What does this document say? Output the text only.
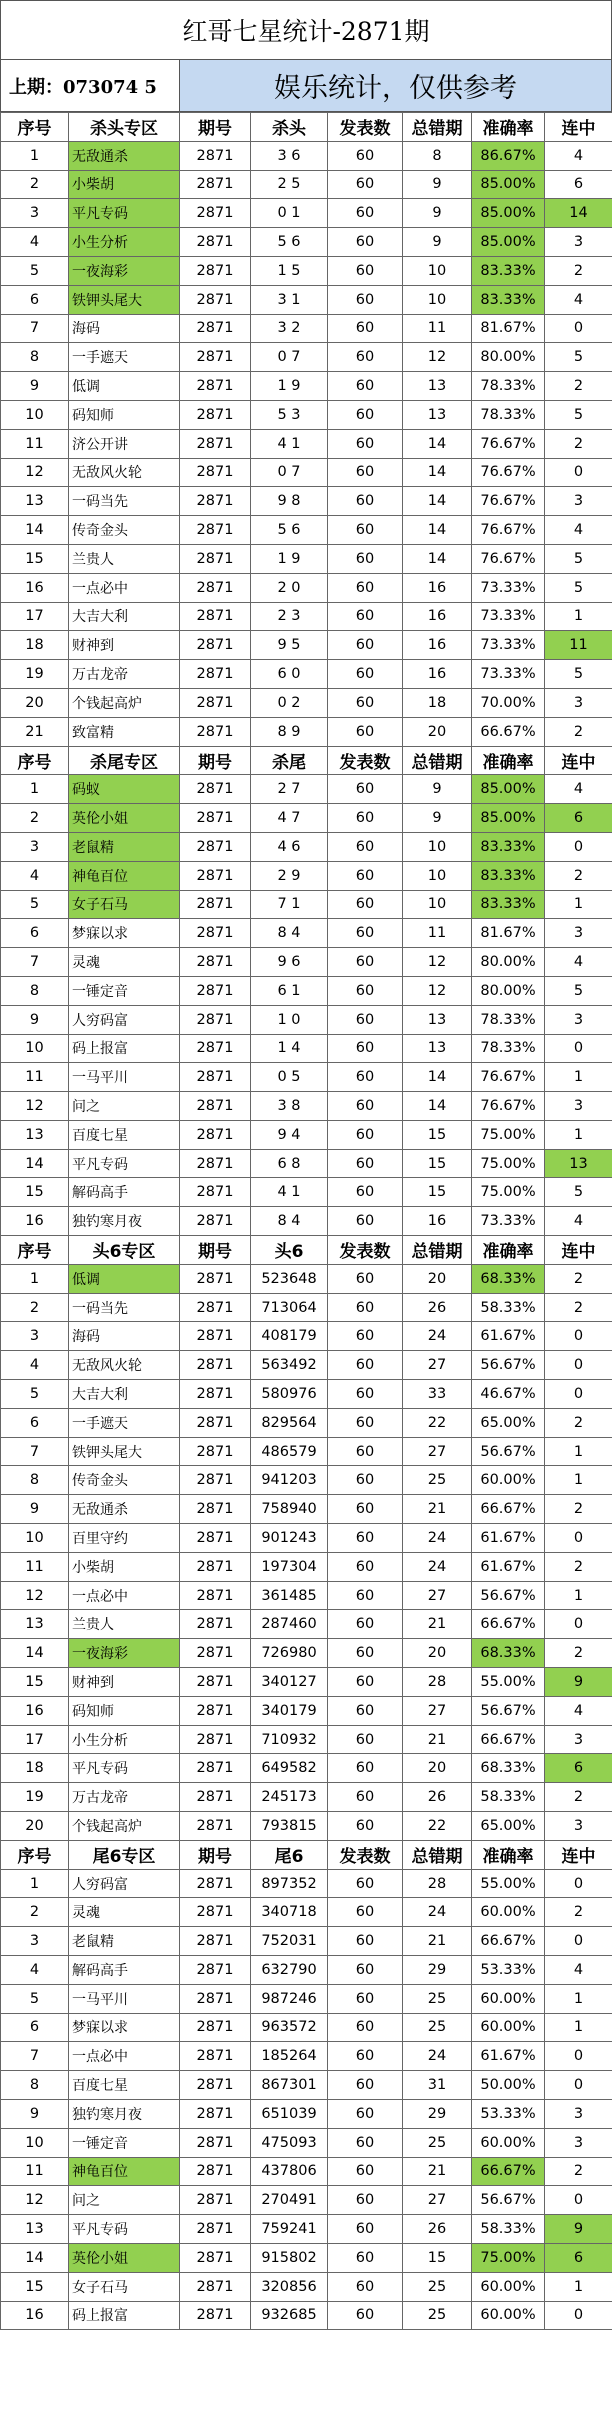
红哥七星统计-2871期
上期：073074 5	娱乐统计，仅供参考
序号	杀头专区	期号	杀头	发表数	总错期	准确率	连中
1	无敌通杀	2871	3 6	60	8	86.67%	4
2	小柴胡	2871	2 5	60	9	85.00%	6
3	平凡专码	2871	0 1	60	9	85.00%	14
4	小生分析	2871	5 6	60	9	85.00%	3
5	一夜海彩	2871	1 5	60	10	83.33%	2
6	铁钾头尾大	2871	3 1	60	10	83.33%	4
7	海码	2871	3 2	60	11	81.67%	0
8	一手遮天	2871	0 7	60	12	80.00%	5
9	低调	2871	1 9	60	13	78.33%	2
10	码知师	2871	5 3	60	13	78.33%	5
11	济公开讲	2871	4 1	60	14	76.67%	2
12	无敌风火轮	2871	0 7	60	14	76.67%	0
13	一码当先	2871	9 8	60	14	76.67%	3
14	传奇金头	2871	5 6	60	14	76.67%	4
15	兰贵人	2871	1 9	60	14	76.67%	5
16	一点必中	2871	2 0	60	16	73.33%	5
17	大吉大利	2871	2 3	60	16	73.33%	1
18	财神到	2871	9 5	60	16	73.33%	11
19	万古龙帝	2871	6 0	60	16	73.33%	5
20	个钱起高炉	2871	0 2	60	18	70.00%	3
21	致富精	2871	8 9	60	20	66.67%	2
序号	杀尾专区	期号	杀尾	发表数	总错期	准确率	连中
1	码蚁	2871	2 7	60	9	85.00%	4
2	英伦小姐	2871	4 7	60	9	85.00%	6
3	老鼠精	2871	4 6	60	10	83.33%	0
4	神龟百位	2871	2 9	60	10	83.33%	2
5	女子石马	2871	7 1	60	10	83.33%	1
6	梦寐以求	2871	8 4	60	11	81.67%	3
7	灵魂	2871	9 6	60	12	80.00%	4
8	一锤定音	2871	6 1	60	12	80.00%	5
9	人穷码富	2871	1 0	60	13	78.33%	3
10	码上报富	2871	1 4	60	13	78.33%	0
11	一马平川	2871	0 5	60	14	76.67%	1
12	问之	2871	3 8	60	14	76.67%	3
13	百度七星	2871	9 4	60	15	75.00%	1
14	平凡专码	2871	6 8	60	15	75.00%	13
15	解码高手	2871	4 1	60	15	75.00%	5
16	独钓寒月夜	2871	8 4	60	16	73.33%	4
序号	头6专区	期号	头6	发表数	总错期	准确率	连中
1	低调	2871	523648	60	20	68.33%	2
2	一码当先	2871	713064	60	26	58.33%	2
3	海码	2871	408179	60	24	61.67%	0
4	无敌风火轮	2871	563492	60	27	56.67%	0
5	大吉大利	2871	580976	60	33	46.67%	0
6	一手遮天	2871	829564	60	22	65.00%	2
7	铁钾头尾大	2871	486579	60	27	56.67%	1
8	传奇金头	2871	941203	60	25	60.00%	1
9	无敌通杀	2871	758940	60	21	66.67%	2
10	百里守约	2871	901243	60	24	61.67%	0
11	小柴胡	2871	197304	60	24	61.67%	2
12	一点必中	2871	361485	60	27	56.67%	1
13	兰贵人	2871	287460	60	21	66.67%	0
14	一夜海彩	2871	726980	60	20	68.33%	2
15	财神到	2871	340127	60	28	55.00%	9
16	码知师	2871	340179	60	27	56.67%	4
17	小生分析	2871	710932	60	21	66.67%	3
18	平凡专码	2871	649582	60	20	68.33%	6
19	万古龙帝	2871	245173	60	26	58.33%	2
20	个钱起高炉	2871	793815	60	22	65.00%	3
序号	尾6专区	期号	尾6	发表数	总错期	准确率	连中
1	人穷码富	2871	897352	60	28	55.00%	0
2	灵魂	2871	340718	60	24	60.00%	2
3	老鼠精	2871	752031	60	21	66.67%	0
4	解码高手	2871	632790	60	29	53.33%	4
5	一马平川	2871	987246	60	25	60.00%	1
6	梦寐以求	2871	963572	60	25	60.00%	1
7	一点必中	2871	185264	60	24	61.67%	0
8	百度七星	2871	867301	60	31	50.00%	0
9	独钓寒月夜	2871	651039	60	29	53.33%	3
10	一锤定音	2871	475093	60	25	60.00%	3
11	神龟百位	2871	437806	60	21	66.67%	2
12	问之	2871	270491	60	27	56.67%	0
13	平凡专码	2871	759241	60	26	58.33%	9
14	英伦小姐	2871	915802	60	15	75.00%	6
15	女子石马	2871	320856	60	25	60.00%	1
16	码上报富	2871	932685	60	25	60.00%	0
